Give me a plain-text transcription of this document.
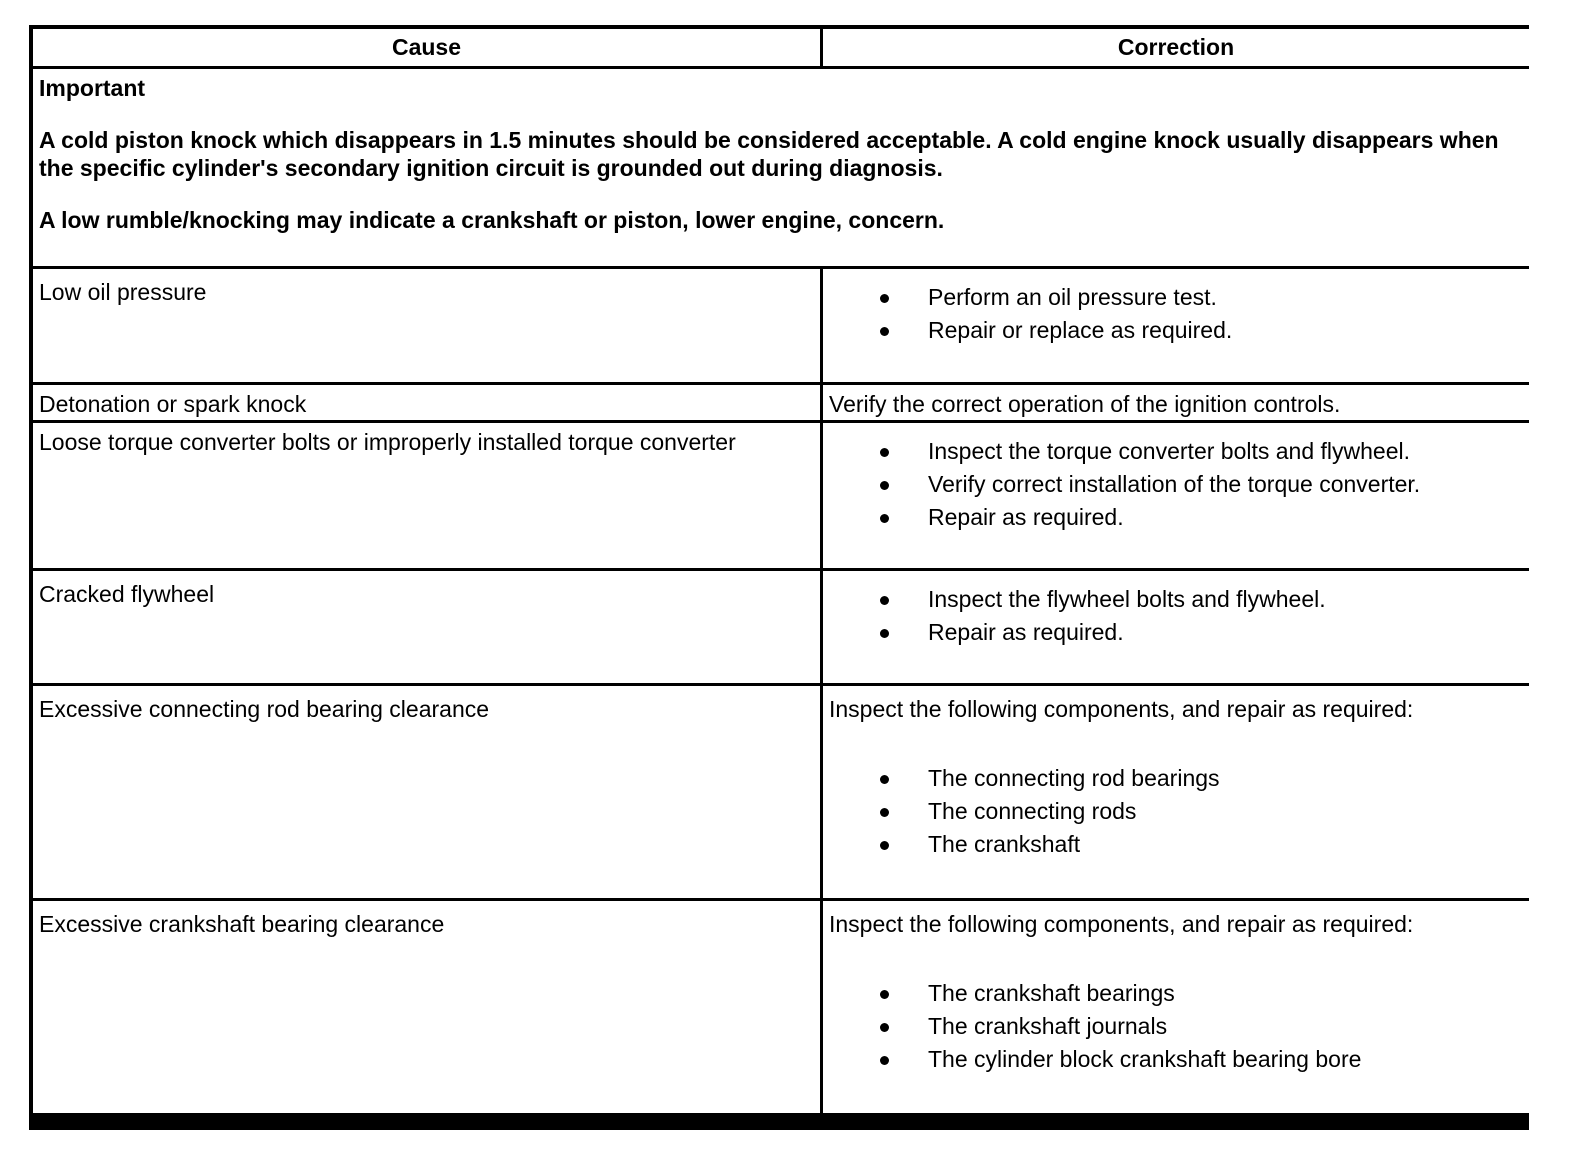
Cause	Correction

Important

A cold piston knock which disappears in 1.5 minutes should be considered acceptable. A cold engine knock usually disappears when the specific cylinder's secondary ignition circuit is grounded out during diagnosis.

A low rumble/knocking may indicate a crankshaft or piston, lower engine, concern.

Low oil pressure	Perform an oil pressure test.
Repair or replace as required.
Detonation or spark knock	Verify the correct operation of the ignition controls.
Loose torque converter bolts or improperly installed torque converter	Inspect the torque converter bolts and flywheel.
Verify correct installation of the torque converter.
Repair as required.
Cracked flywheel	Inspect the flywheel bolts and flywheel.
Repair as required.
Excessive connecting rod bearing clearance	Inspect the following components, and repair as required:
The connecting rod bearings
The connecting rods
The crankshaft
Excessive crankshaft bearing clearance	Inspect the following components, and repair as required:
The crankshaft bearings
The crankshaft journals
The cylinder block crankshaft bearing bore
